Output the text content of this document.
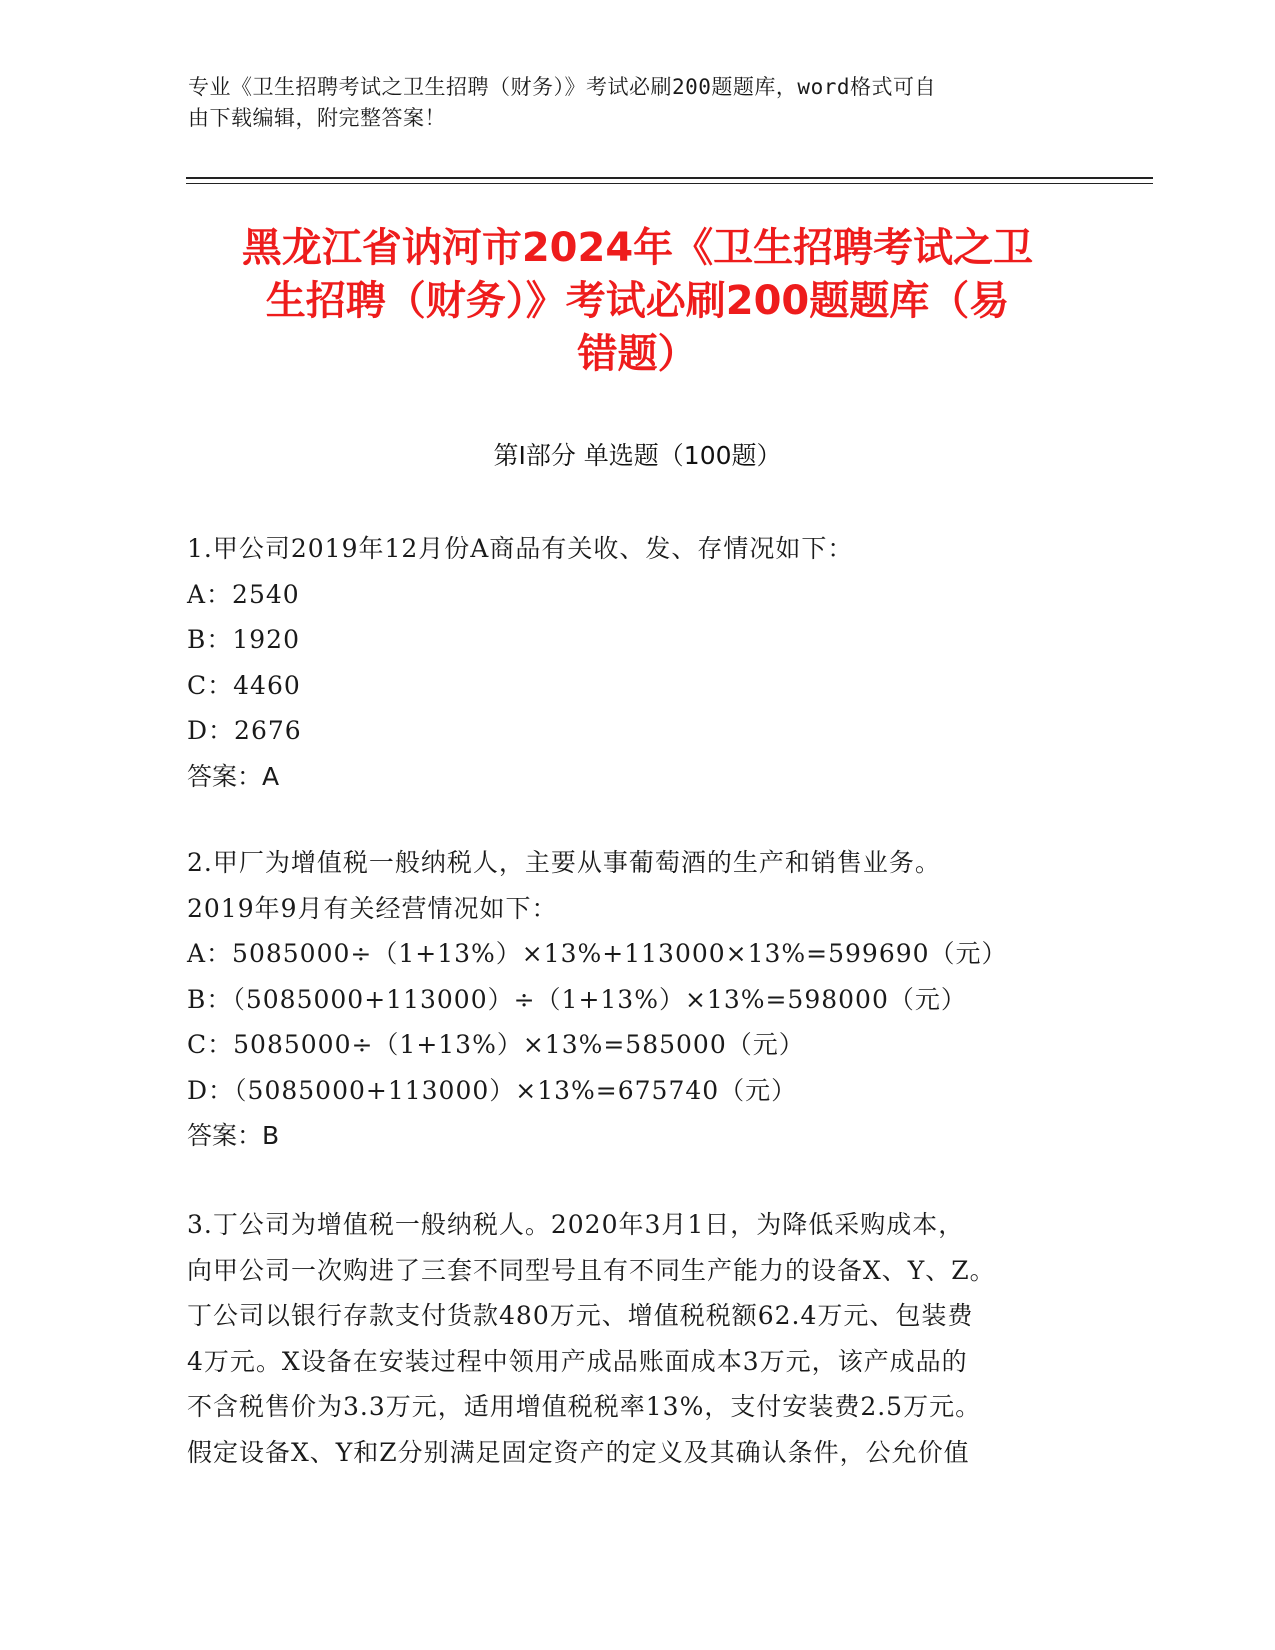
专业《卫生招聘考试之卫生招聘（财务）》考试必刷200题题库，word格式可自
由下载编辑，附完整答案！
黑龙江省讷河市2024年《卫生招聘考试之卫
生招聘（财务）》考试必刷200题题库（易
错题）
第Ⅰ部分 单选题（100题）
1.甲公司2019年12月份A商品有关收、发、存情况如下：
A：2540
B：1920
C：4460
D：2676
答案：A
2.甲厂为增值税一般纳税人，主要从事葡萄酒的生产和销售业务。
2019年9月有关经营情况如下：
A：5085000÷（1+13%）×13%+113000×13%=599690（元）
B：（5085000+113000）÷（1+13%）×13%=598000（元）
C：5085000÷（1+13%）×13%=585000（元）
D：（5085000+113000）×13%=675740（元）
答案：B
3.丁公司为增值税一般纳税人。2020年3月1日，为降低采购成本，
向甲公司一次购进了三套不同型号且有不同生产能力的设备X、Y、Z。
丁公司以银行存款支付货款480万元、增值税税额62.4万元、包装费
4万元。X设备在安装过程中领用产成品账面成本3万元，该产成品的
不含税售价为3.3万元，适用增值税税率13%，支付安装费2.5万元。
假定设备X、Y和Z分别满足固定资产的定义及其确认条件，公允价值
